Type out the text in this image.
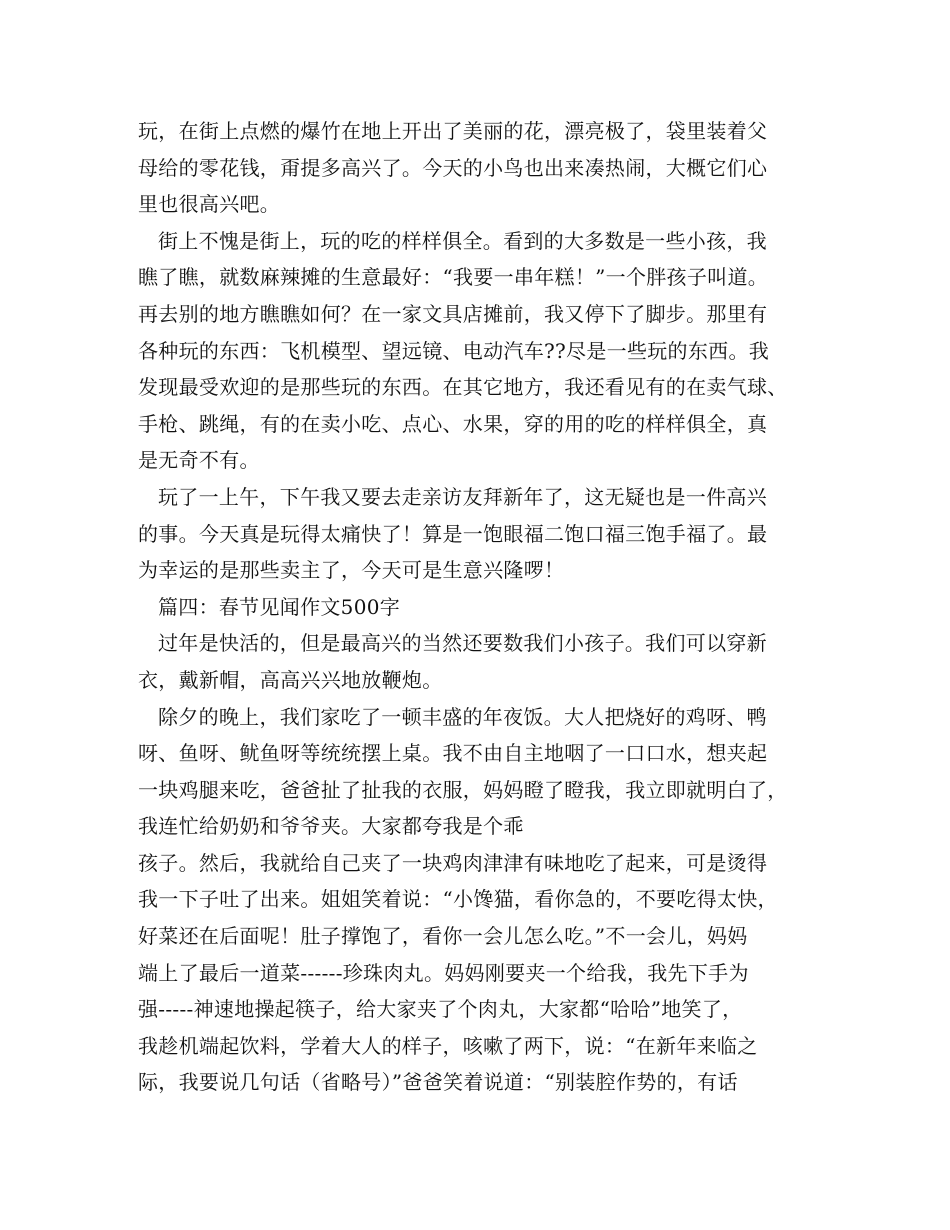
玩，在街上点燃的爆竹在地上开出了美丽的花，漂亮极了，袋里装着父
母给的零花钱，甭提多高兴了。今天的小鸟也出来凑热闹，大概它们心
里也很高兴吧。
街上不愧是街上，玩的吃的样样俱全。看到的大多数是一些小孩，我
瞧了瞧，就数麻辣摊的生意最好：“我要一串年糕！”一个胖孩子叫道。
再去别的地方瞧瞧如何？在一家文具店摊前，我又停下了脚步。那里有
各种玩的东西：飞机模型、望远镜、电动汽车??尽是一些玩的东西。我
发现最受欢迎的是那些玩的东西。在其它地方，我还看见有的在卖气球、
手枪、跳绳，有的在卖小吃、点心、水果，穿的用的吃的样样俱全，真
是无奇不有。
玩了一上午，下午我又要去走亲访友拜新年了，这无疑也是一件高兴
的事。今天真是玩得太痛快了！算是一饱眼福二饱口福三饱手福了。最
为幸运的是那些卖主了，今天可是生意兴隆啰！
篇四：春节见闻作文500字
过年是快活的，但是最高兴的当然还要数我们小孩子。我们可以穿新
衣，戴新帽，高高兴兴地放鞭炮。
除夕的晚上，我们家吃了一顿丰盛的年夜饭。大人把烧好的鸡呀、鸭
呀、鱼呀、鱿鱼呀等统统摆上桌。我不由自主地咽了一口口水，想夹起
一块鸡腿来吃，爸爸扯了扯我的衣服，妈妈瞪了瞪我，我立即就明白了，
我连忙给奶奶和爷爷夹。大家都夸我是个乖
孩子。然后，我就给自己夹了一块鸡肉津津有味地吃了起来，可是烫得
我一下子吐了出来。姐姐笑着说：“小馋猫，看你急的，不要吃得太快，
好菜还在后面呢！肚子撑饱了，看你一会儿怎么吃。”不一会儿，妈妈
端上了最后一道菜------珍珠肉丸。妈妈刚要夹一个给我，我先下手为
强-----神速地操起筷子，给大家夹了个肉丸，大家都“哈哈”地笑了，
我趁机端起饮料，学着大人的样子，咳嗽了两下，说：“在新年来临之
际，我要说几句话（省略号）”爸爸笑着说道：“别装腔作势的，有话
